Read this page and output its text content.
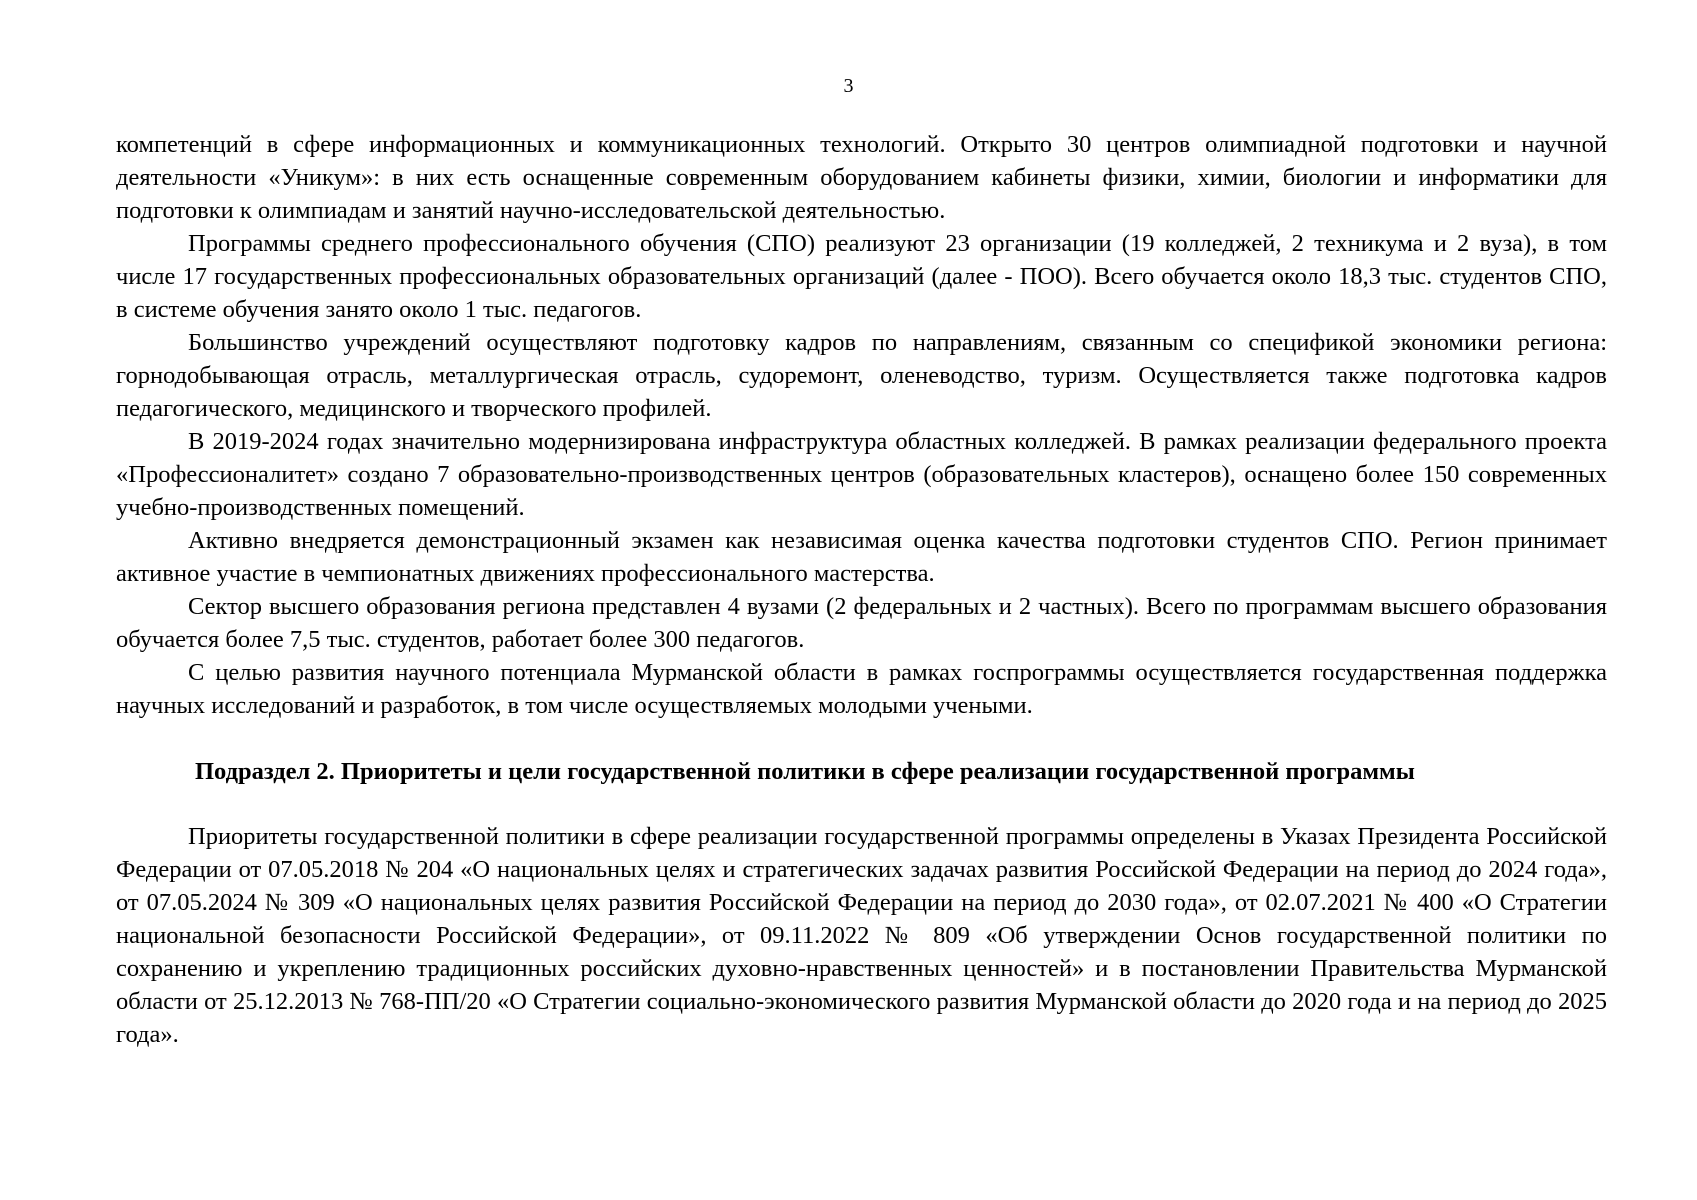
3

компетенций в сфере информационных и коммуникационных технологий. Открыто 30 центров олимпиадной подготовки и научной деятельности «Уникум»: в них есть оснащенные современным оборудованием кабинеты физики, химии, биологии и информатики для подготовки к олимпиадам и занятий научно-исследовательской деятельностью.

Программы среднего профессионального обучения (СПО) реализуют 23 организации (19 колледжей, 2 техникума и 2 вуза), в том числе 17 государственных профессиональных образовательных организаций (далее - ПОО). Всего обучается около 18,3 тыс. студентов СПО, в системе обучения занято около 1 тыс. педагогов.

Большинство учреждений осуществляют подготовку кадров по направлениям, связанным со спецификой экономики региона: горнодобывающая отрасль, металлургическая отрасль, судоремонт, оленеводство, туризм. Осуществляется также подготовка кадров педагогического, медицинского и творческого профилей.

В 2019-2024 годах значительно модернизирована инфраструктура областных колледжей. В рамках реализации федерального проекта «Профессионалитет» создано 7 образовательно-производственных центров (образовательных кластеров), оснащено более 150 современных учебно-производственных помещений.

Активно внедряется демонстрационный экзамен как независимая оценка качества подготовки студентов СПО. Регион принимает активное участие в чемпионатных движениях профессионального мастерства.

Сектор высшего образования региона представлен 4 вузами (2 федеральных и 2 частных). Всего по программам высшего образования обучается более 7,5 тыс. студентов, работает более 300 педагогов.

С целью развития научного потенциала Мурманской области в рамках госпрограммы осуществляется государственная поддержка научных исследований и разработок, в том числе осуществляемых молодыми учеными.

Подраздел 2. Приоритеты и цели государственной политики в сфере реализации государственной программы

Приоритеты государственной политики в сфере реализации государственной программы определены в Указах Президента Российской Федерации от 07.05.2018 № 204 «О национальных целях и стратегических задачах развития Российской Федерации на период до 2024 года», от 07.05.2024 № 309 «О национальных целях развития Российской Федерации на период до 2030 года», от 02.07.2021 № 400 «О Стратегии национальной безопасности Российской Федерации», от 09.11.2022 № 809 «Об утверждении Основ государственной политики по сохранению и укреплению традиционных российских духовно-нравственных ценностей» и в постановлении Правительства Мурманской области от 25.12.2013 № 768-ПП/20 «О Стратегии социально-экономического развития Мурманской области до 2020 года и на период до 2025 года».
